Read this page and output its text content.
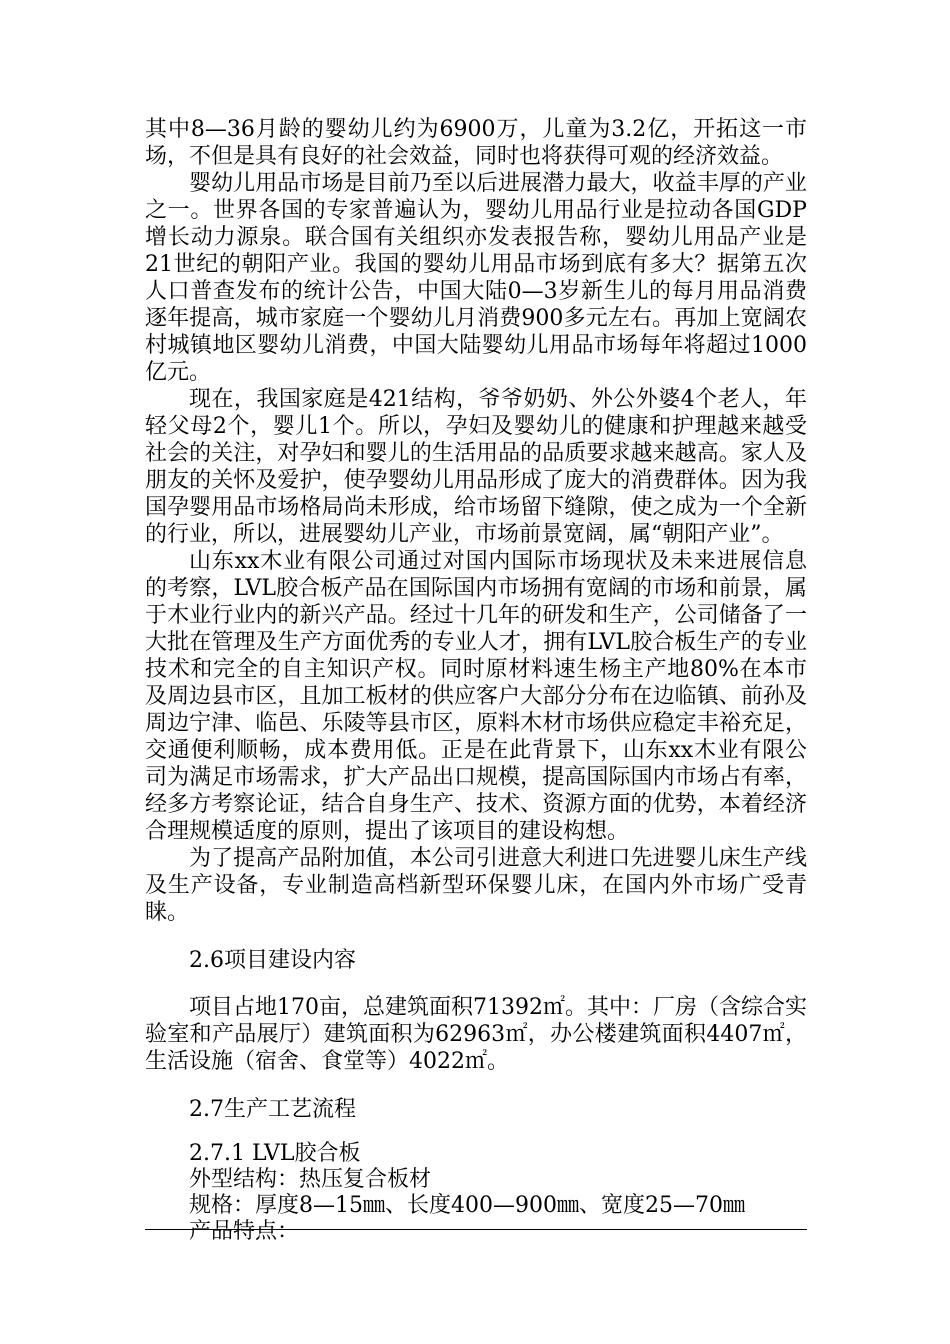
其中8—36月龄的婴幼儿约为6900万，儿童为3.2亿，开拓这一市场，不但是具有良好的社会效益，同时也将获得可观的经济效益。

婴幼儿用品市场是目前乃至以后进展潜力最大，收益丰厚的产业之一。世界各国的专家普遍认为，婴幼儿用品行业是拉动各国GDP增长动力源泉。联合国有关组织亦发表报告称，婴幼儿用品产业是21世纪的朝阳产业。我国的婴幼儿用品市场到底有多大？据第五次人口普查发布的统计公告，中国大陆0—3岁新生儿的每月用品消费逐年提高，城市家庭一个婴幼儿月消费900多元左右。再加上宽阔农村城镇地区婴幼儿消费，中国大陆婴幼儿用品市场每年将超过1000亿元。

现在，我国家庭是421结构，爷爷奶奶、外公外婆4个老人，年轻父母2个，婴儿1个。所以，孕妇及婴幼儿的健康和护理越来越受社会的关注，对孕妇和婴儿的生活用品的品质要求越来越高。家人及朋友的关怀及爱护，使孕婴幼儿用品形成了庞大的消费群体。因为我国孕婴用品市场格局尚未形成，给市场留下缝隙，使之成为一个全新的行业，所以，进展婴幼儿产业，市场前景宽阔，属“朝阳产业”。

山东xx木业有限公司通过对国内国际市场现状及未来进展信息的考察，LVL胶合板产品在国际国内市场拥有宽阔的市场和前景，属于木业行业内的新兴产品。经过十几年的研发和生产，公司储备了一大批在管理及生产方面优秀的专业人才，拥有LVL胶合板生产的专业技术和完全的自主知识产权。同时原材料速生杨主产地80%在本市及周边县市区，且加工板材的供应客户大部分分布在边临镇、前孙及周边宁津、临邑、乐陵等县市区，原料木材市场供应稳定丰裕充足，交通便利顺畅，成本费用低。正是在此背景下，山东xx木业有限公司为满足市场需求，扩大产品出口规模，提高国际国内市场占有率，经多方考察论证，结合自身生产、技术、资源方面的优势，本着经济合理规模适度的原则，提出了该项目的建设构想。

为了提高产品附加值，本公司引进意大利进口先进婴儿床生产线及生产设备，专业制造高档新型环保婴儿床，在国内外市场广受青睐。

2.6项目建设内容

项目占地170亩，总建筑面积71392㎡。其中：厂房（含综合实验室和产品展厅）建筑面积为62963㎡，办公楼建筑面积4407㎡，生活设施（宿舍、食堂等）4022㎡。

2.7生产工艺流程

2.7.1 LVL胶合板

外型结构：热压复合板材

规格：厚度8—15㎜、长度400—900㎜、宽度25—70㎜

产品特点：
